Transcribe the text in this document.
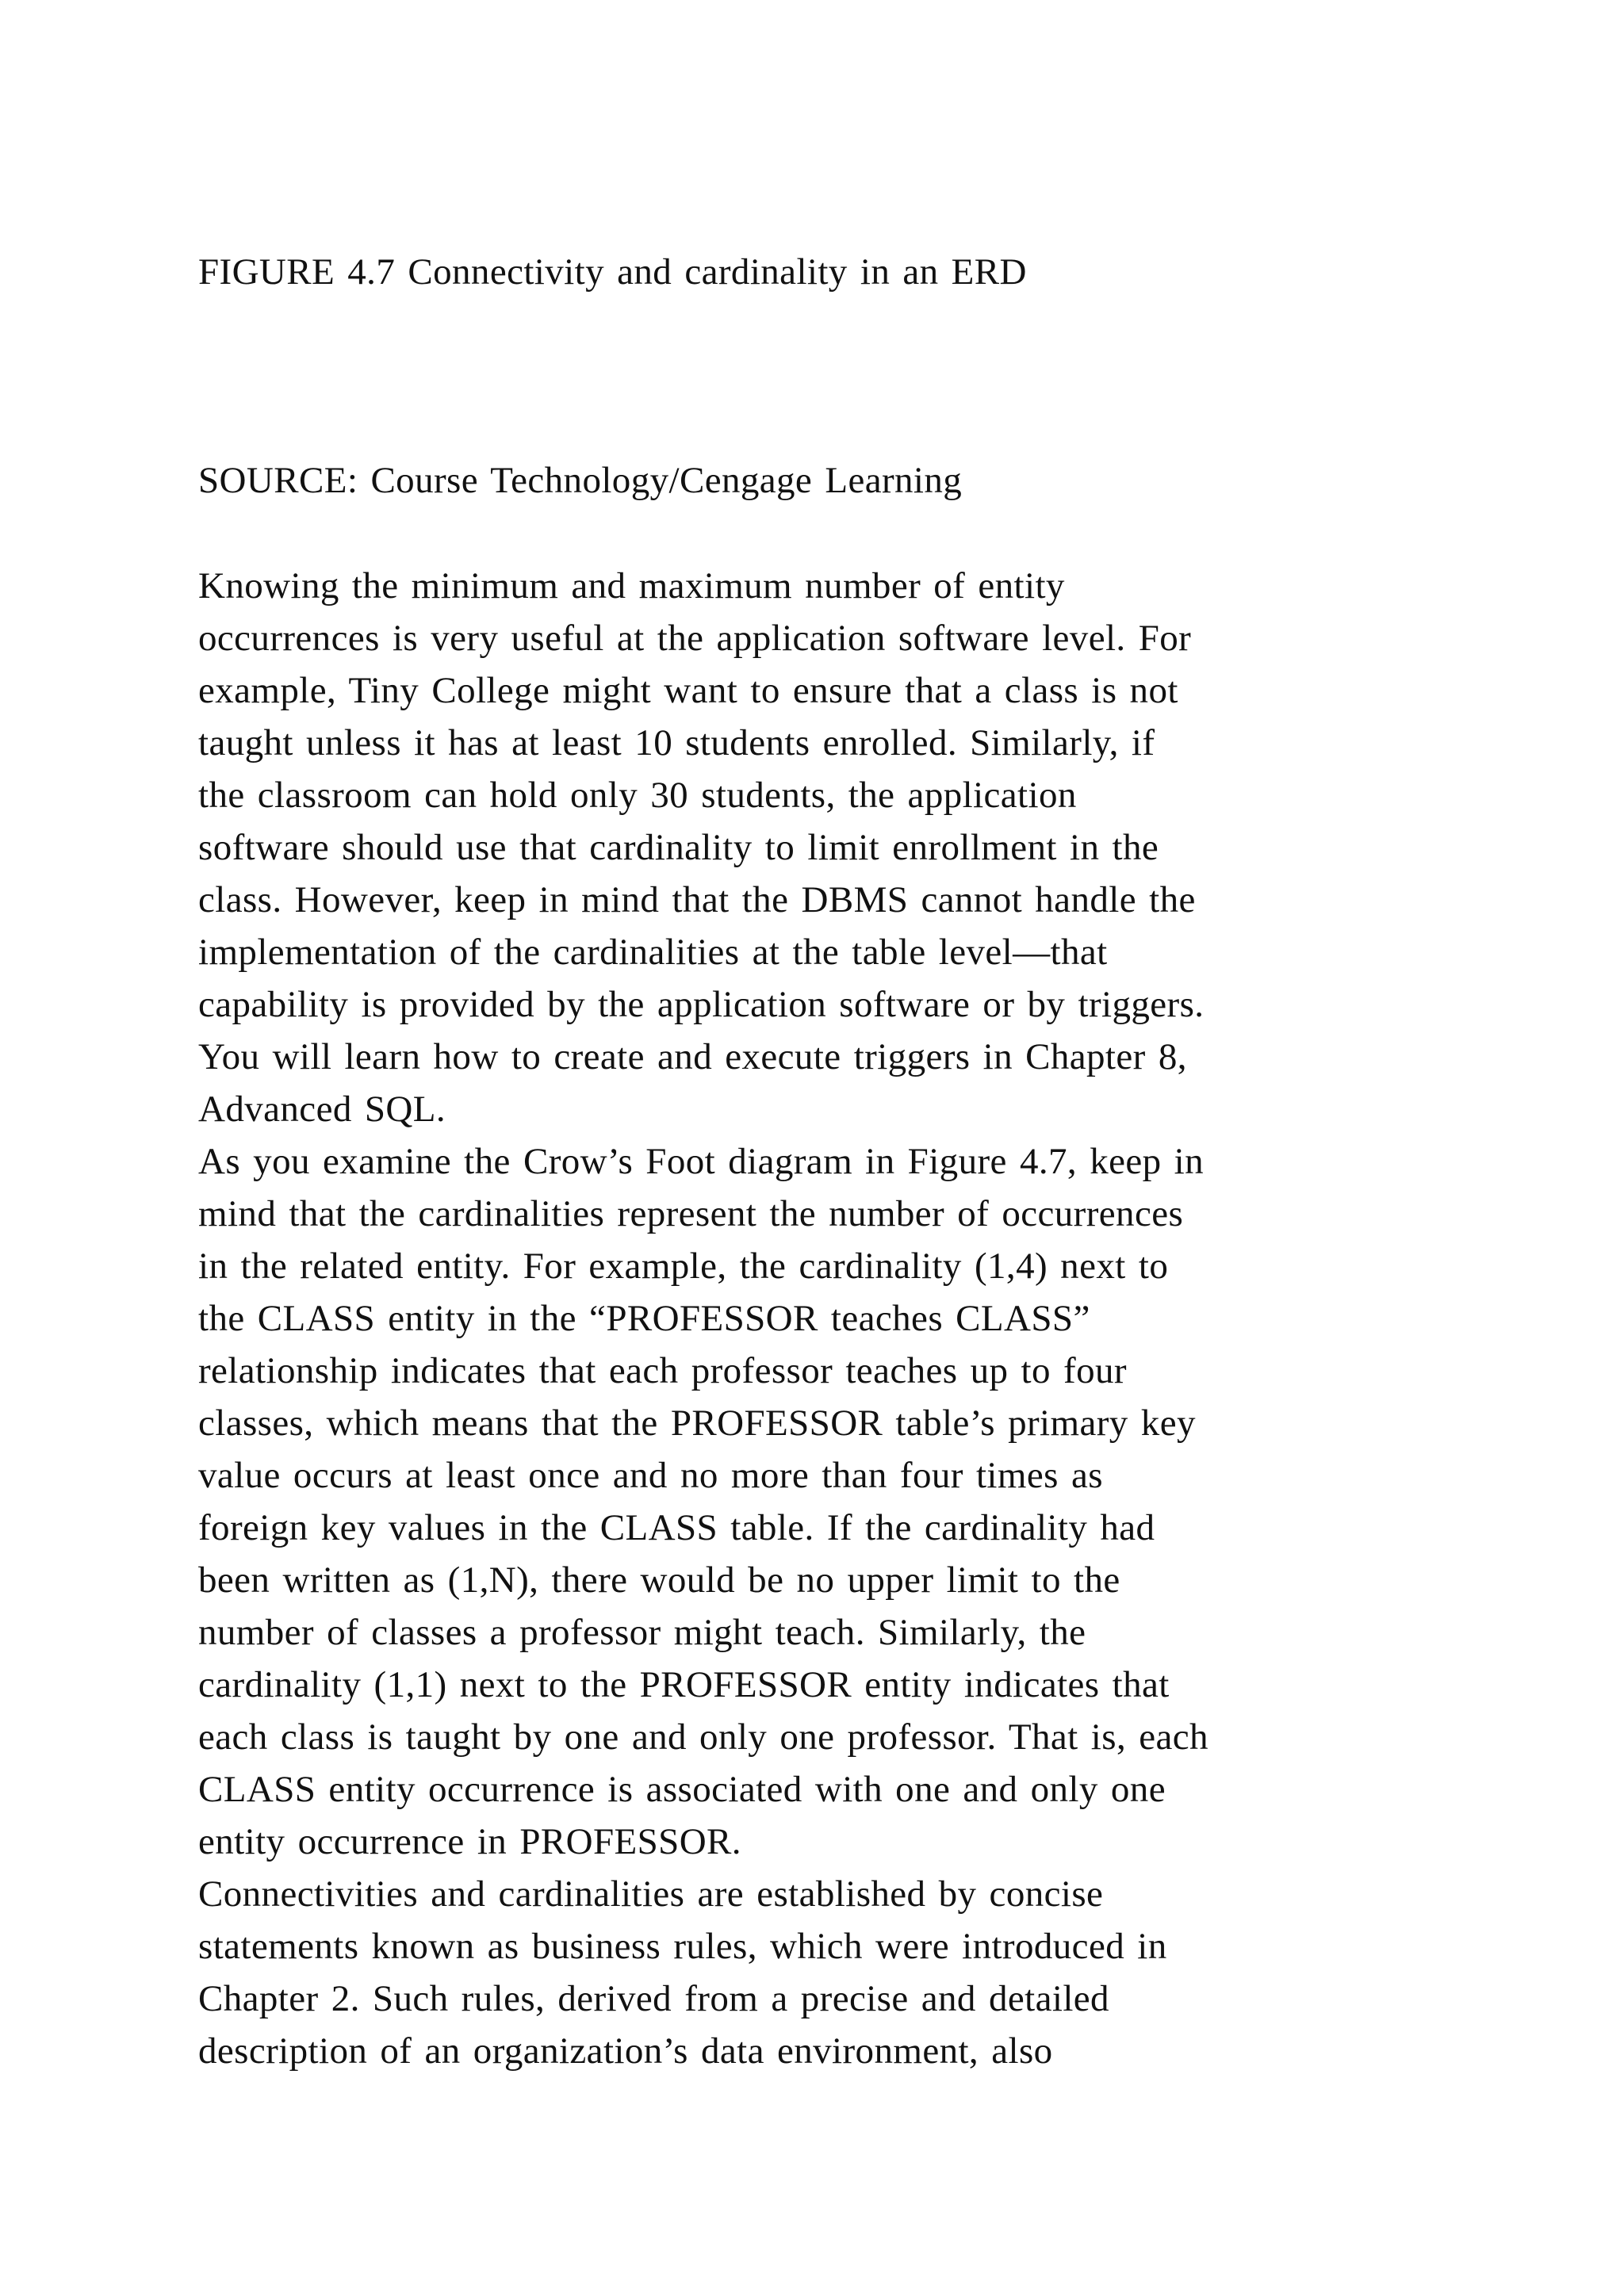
FIGURE 4.7 Connectivity and cardinality in an ERD
SOURCE: Course Technology/Cengage Learning
Knowing the minimum and maximum number of entity
occurrences is very useful at the application software level. For
example, Tiny College might want to ensure that a class is not
taught unless it has at least 10 students enrolled. Similarly, if
the classroom can hold only 30 students, the application
software should use that cardinality to limit enrollment in the
class. However, keep in mind that the DBMS cannot handle the
implementation of the cardinalities at the table level—that
capability is provided by the application software or by triggers.
You will learn how to create and execute triggers in Chapter 8,
Advanced SQL.
As you examine the Crow’s Foot diagram in Figure 4.7, keep in
mind that the cardinalities represent the number of occurrences
in the related entity. For example, the cardinality (1,4) next to
the CLASS entity in the “PROFESSOR teaches CLASS”
relationship indicates that each professor teaches up to four
classes, which means that the PROFESSOR table’s primary key
value occurs at least once and no more than four times as
foreign key values in the CLASS table. If the cardinality had
been written as (1,N), there would be no upper limit to the
number of classes a professor might teach. Similarly, the
cardinality (1,1) next to the PROFESSOR entity indicates that
each class is taught by one and only one professor. That is, each
CLASS entity occurrence is associated with one and only one
entity occurrence in PROFESSOR.
Connectivities and cardinalities are established by concise
statements known as business rules, which were introduced in
Chapter 2. Such rules, derived from a precise and detailed
description of an organization’s data environment, also
